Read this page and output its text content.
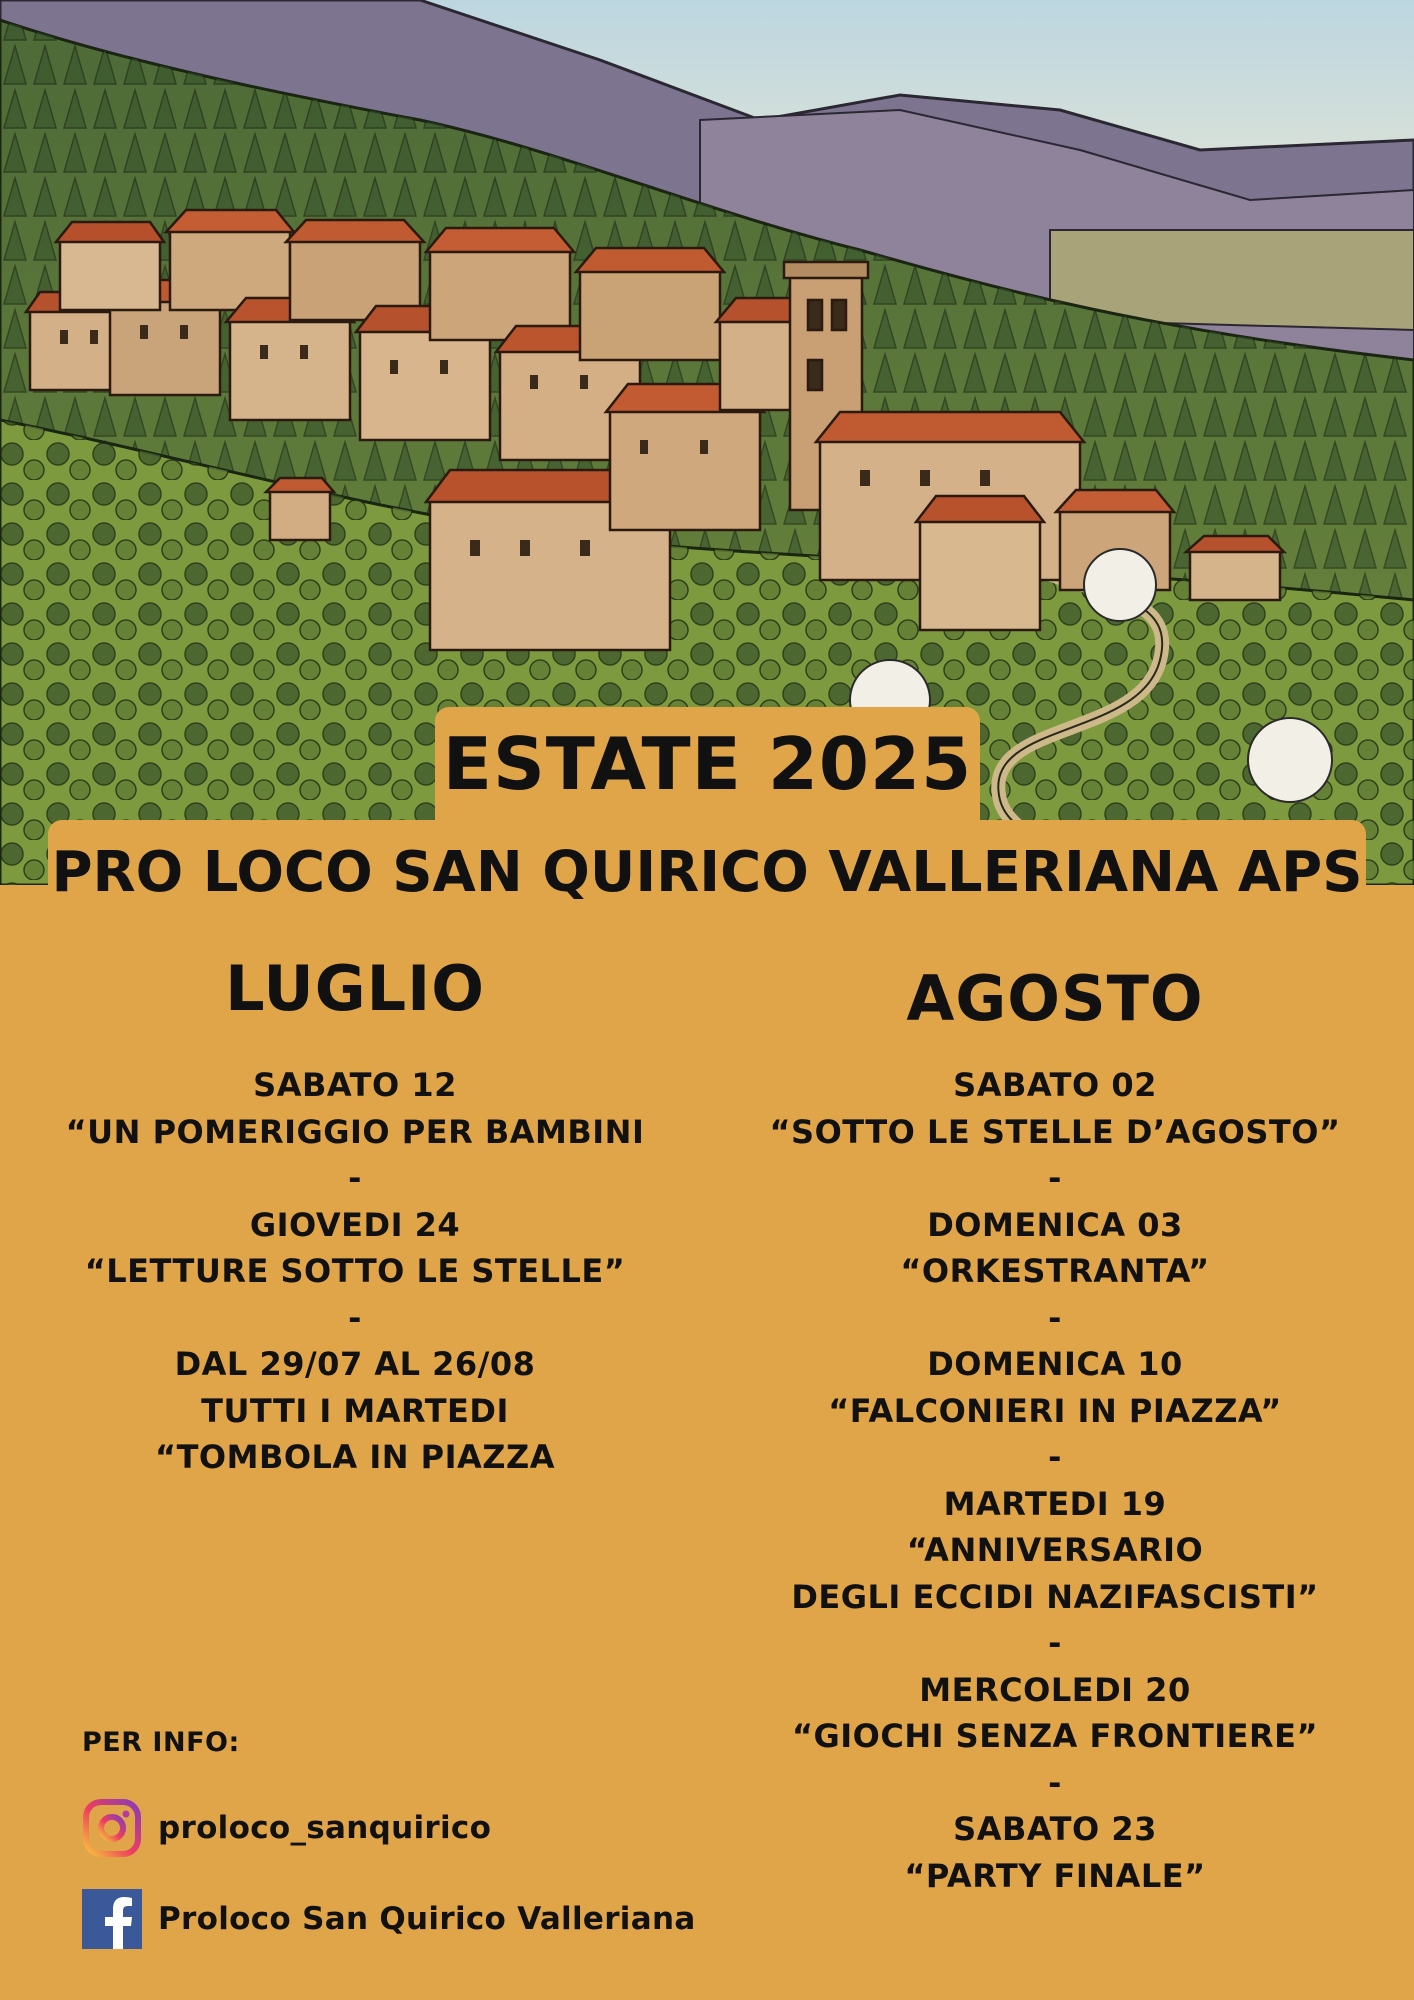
ESTATE 2025
PRO LOCO SAN QUIRICO VALLERIANA APS
LUGLIO
SABATO 12
“UN POMERIGGIO PER BAMBINI
-
GIOVEDI 24
“LETTURE SOTTO LE STELLE”
-
DAL 29/07 AL 26/08
TUTTI I MARTEDI
“TOMBOLA IN PIAZZA
AGOSTO
SABATO 02
“SOTTO LE STELLE D’AGOSTO”
-
DOMENICA 03
“ORKESTRANTA”
-
DOMENICA 10
“FALCONIERI IN PIAZZA”
-
MARTEDI 19
“ANNIVERSARIO
DEGLI ECCIDI NAZIFASCISTI”
-
MERCOLEDI 20
“GIOCHI SENZA FRONTIERE”
-
SABATO 23
“PARTY FINALE”
PER INFO:
proloco_sanquirico
Proloco San Quirico Valleriana
